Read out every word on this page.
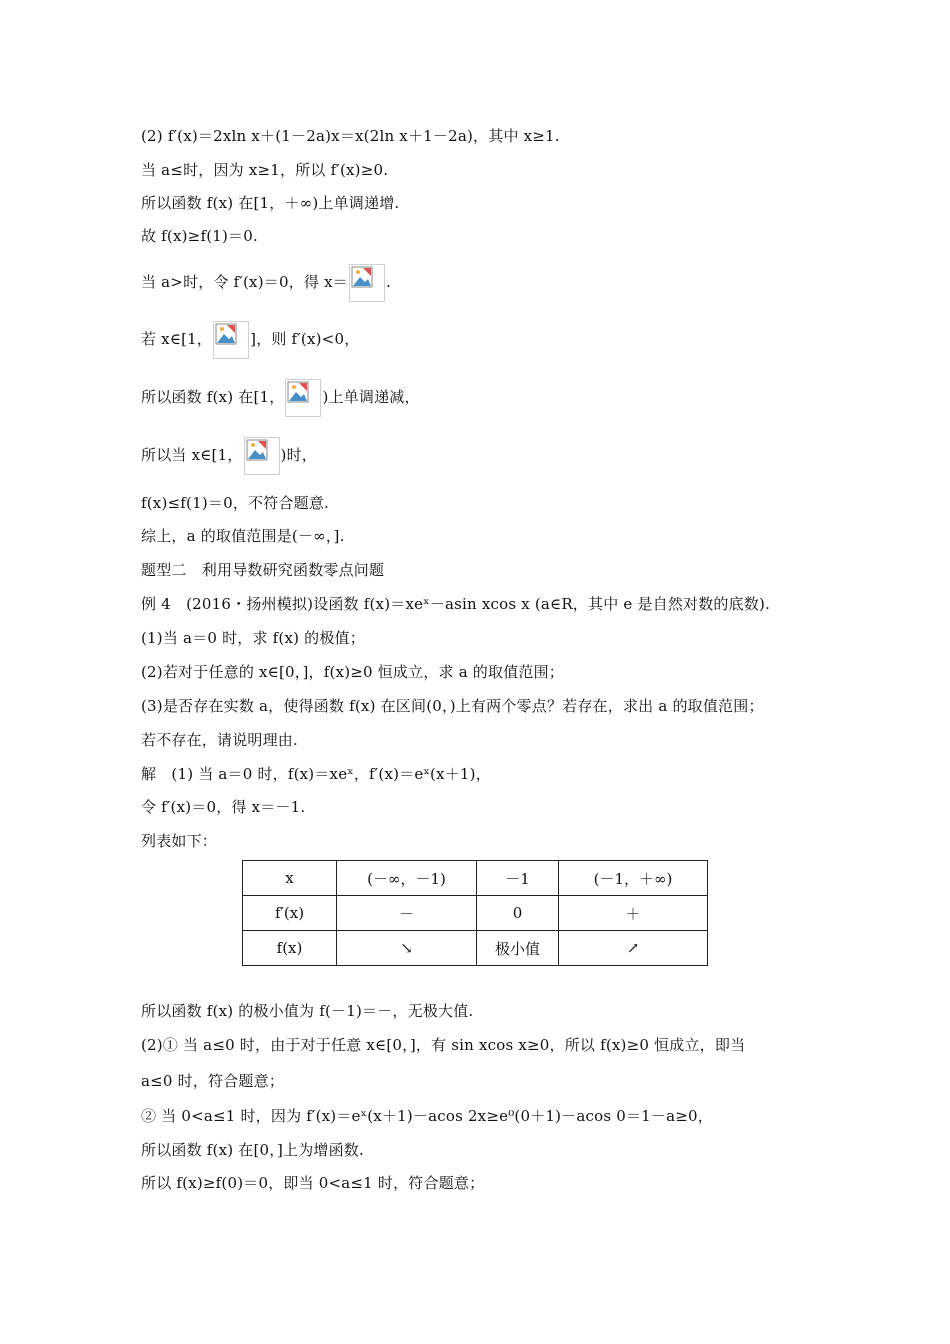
(2) f′(x)＝2xln x＋(1－2a)x＝x(2ln x＋1－2a)，其中 x≥1.
当 a≤时，因为 x≥1，所以 f′(x)≥0.
所以函数 f(x) 在[1，＋∞)上单调递增.
故 f(x)≥f(1)＝0.
当 a>时，令 f′(x)＝0，得 x＝	.
若 x∈[1，	]，则 f′(x)<0，
所以函数 f(x) 在[1，	)上单调递减，
所以当 x∈[1，	)时，
f(x)≤f(1)＝0，不符合题意.
综上，a 的取值范围是(－∞，].
题型二　利用导数研究函数零点问题
例 4　(2016・扬州模拟)设函数 f(x)＝xeˣ－asin xcos x (a∈R，其中 e 是自然对数的底数).
(1)当 a＝0 时，求 f(x) 的极值；
(2)若对于任意的 x∈[0，]，f(x)≥0 恒成立，求 a 的取值范围；
(3)是否存在实数 a，使得函数 f(x) 在区间(0，)上有两个零点？若存在，求出 a 的取值范围；
若不存在，请说明理由.
解　(1) 当 a＝0 时，f(x)＝xeˣ，f′(x)＝eˣ(x＋1)，
令 f′(x)＝0，得 x＝－1.
列表如下：
x	(－∞，－1)	－1	(－1，＋∞)
f′(x)	－	0	＋
f(x)	↘	极小值	↗
所以函数 f(x) 的极小值为 f(－1)＝－，无极大值.
(2)① 当 a≤0 时，由于对于任意 x∈[0，]，有 sin xcos x≥0，所以 f(x)≥0 恒成立，即当
a≤0 时，符合题意；
② 当 0<a≤1 时，因为 f′(x)＝eˣ(x＋1)－acos 2x≥e⁰(0＋1)－acos 0＝1－a≥0，
所以函数 f(x) 在[0，]上为增函数.
所以 f(x)≥f(0)＝0，即当 0<a≤1 时，符合题意；
